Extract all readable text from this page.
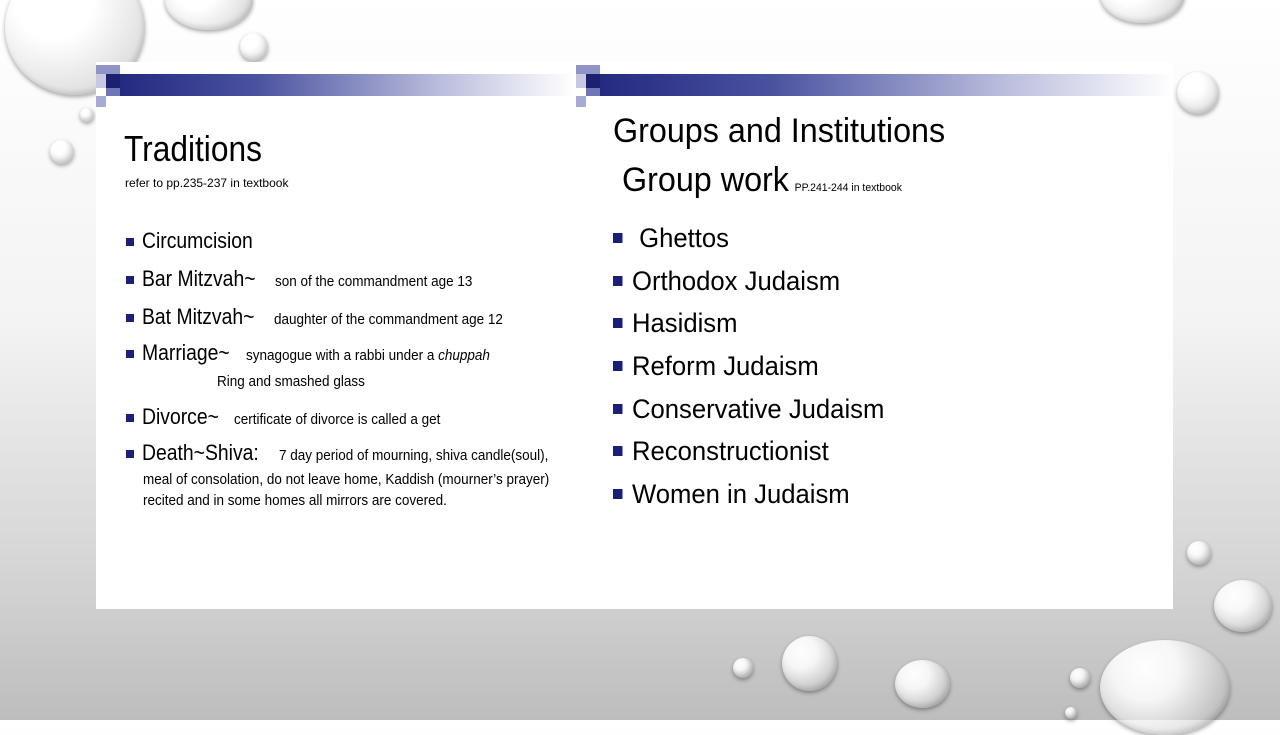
Traditions
refer to pp.235-237 in textbook
Circumcision
Bar Mitzvah~ son of the commandment age 13
Bat Mitzvah~ daughter of the commandment age 12
Marriage~ synagogue with a rabbi under a chuppah
Ring and smashed glass
Divorce~ certificate of divorce is called a get
Death~Shiva: 7 day period of mourning, shiva candle(soul),
meal of consolation, do not leave home, Kaddish (mourner’s prayer)
recited and in some homes all mirrors are covered.
Groups and Institutions
Group work PP.241-244 in textbook
Ghettos
Orthodox Judaism
Hasidism
Reform Judaism
Conservative Judaism
Reconstructionist
Women in Judaism
